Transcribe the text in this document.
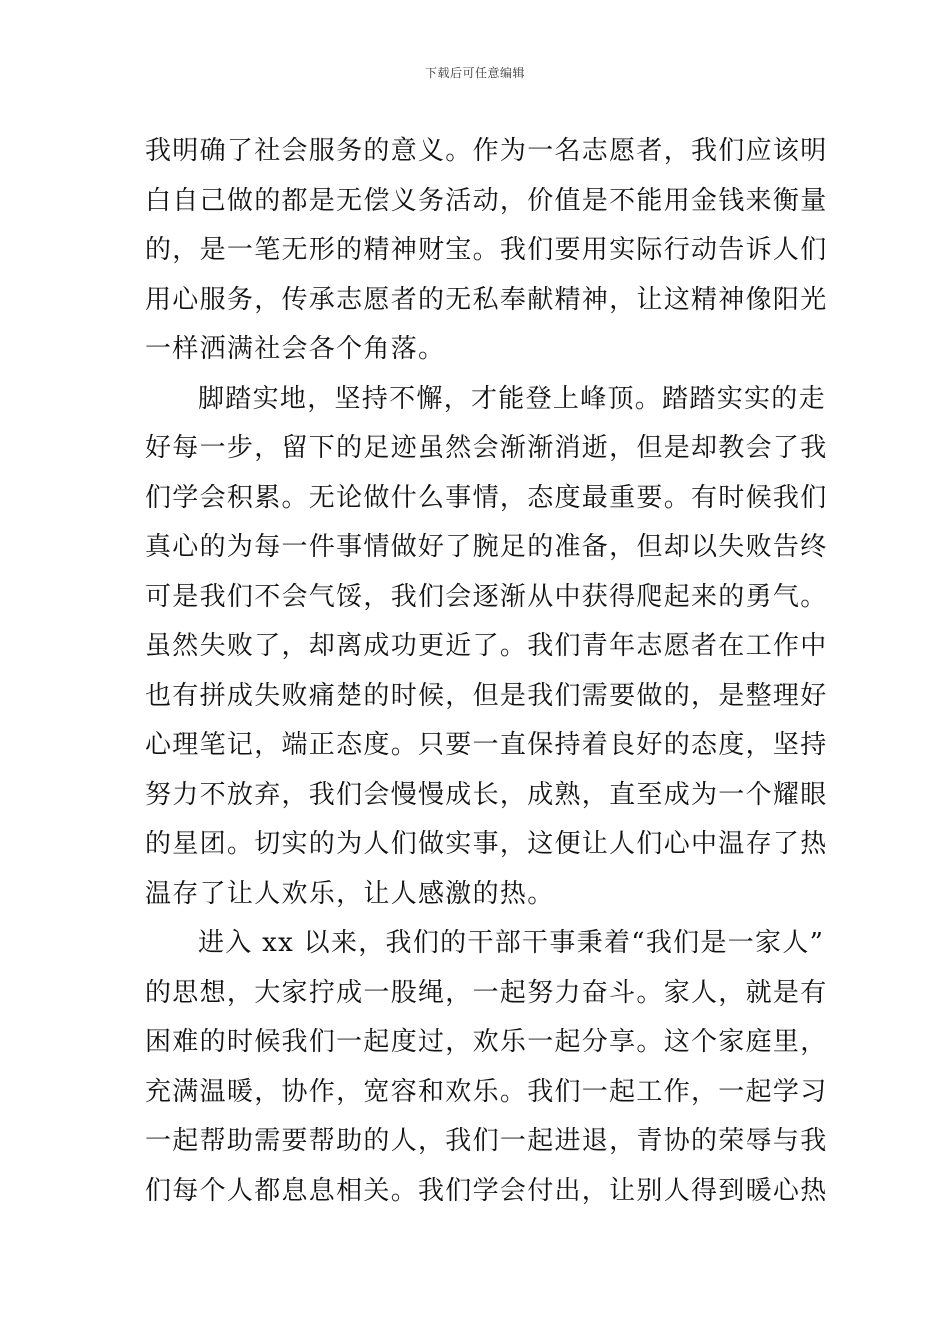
下载后可任意编辑
我明确了社会服务的意义。作为一名志愿者，我们应该明
白自己做的都是无偿义务活动，价值是不能用金钱来衡量
的，是一笔无形的精神财宝。我们要用实际行动告诉人们
用心服务，传承志愿者的无私奉献精神，让这精神像阳光
一样洒满社会各个角落。
脚踏实地，坚持不懈，才能登上峰顶。踏踏实实的走
好每一步，留下的足迹虽然会渐渐消逝，但是却教会了我
们学会积累。无论做什么事情，态度最重要。有时候我们
真心的为每一件事情做好了腕足的准备，但却以失败告终
可是我们不会气馁，我们会逐渐从中获得爬起来的勇气。
虽然失败了，却离成功更近了。我们青年志愿者在工作中
也有拼成失败痛楚的时候，但是我们需要做的，是整理好
心理笔记，端正态度。只要一直保持着良好的态度，坚持
努力不放弃，我们会慢慢成长，成熟，直至成为一个耀眼
的星团。切实的为人们做实事，这便让人们心中温存了热
温存了让人欢乐，让人感激的热。
进入 xx 以来，我们的干部干事秉着“我们是一家人”
的思想，大家拧成一股绳，一起努力奋斗。家人，就是有
困难的时候我们一起度过，欢乐一起分享。这个家庭里，
充满温暖，协作，宽容和欢乐。我们一起工作，一起学习
一起帮助需要帮助的人，我们一起进退，青协的荣辱与我
们每个人都息息相关。我们学会付出，让别人得到暖心热
